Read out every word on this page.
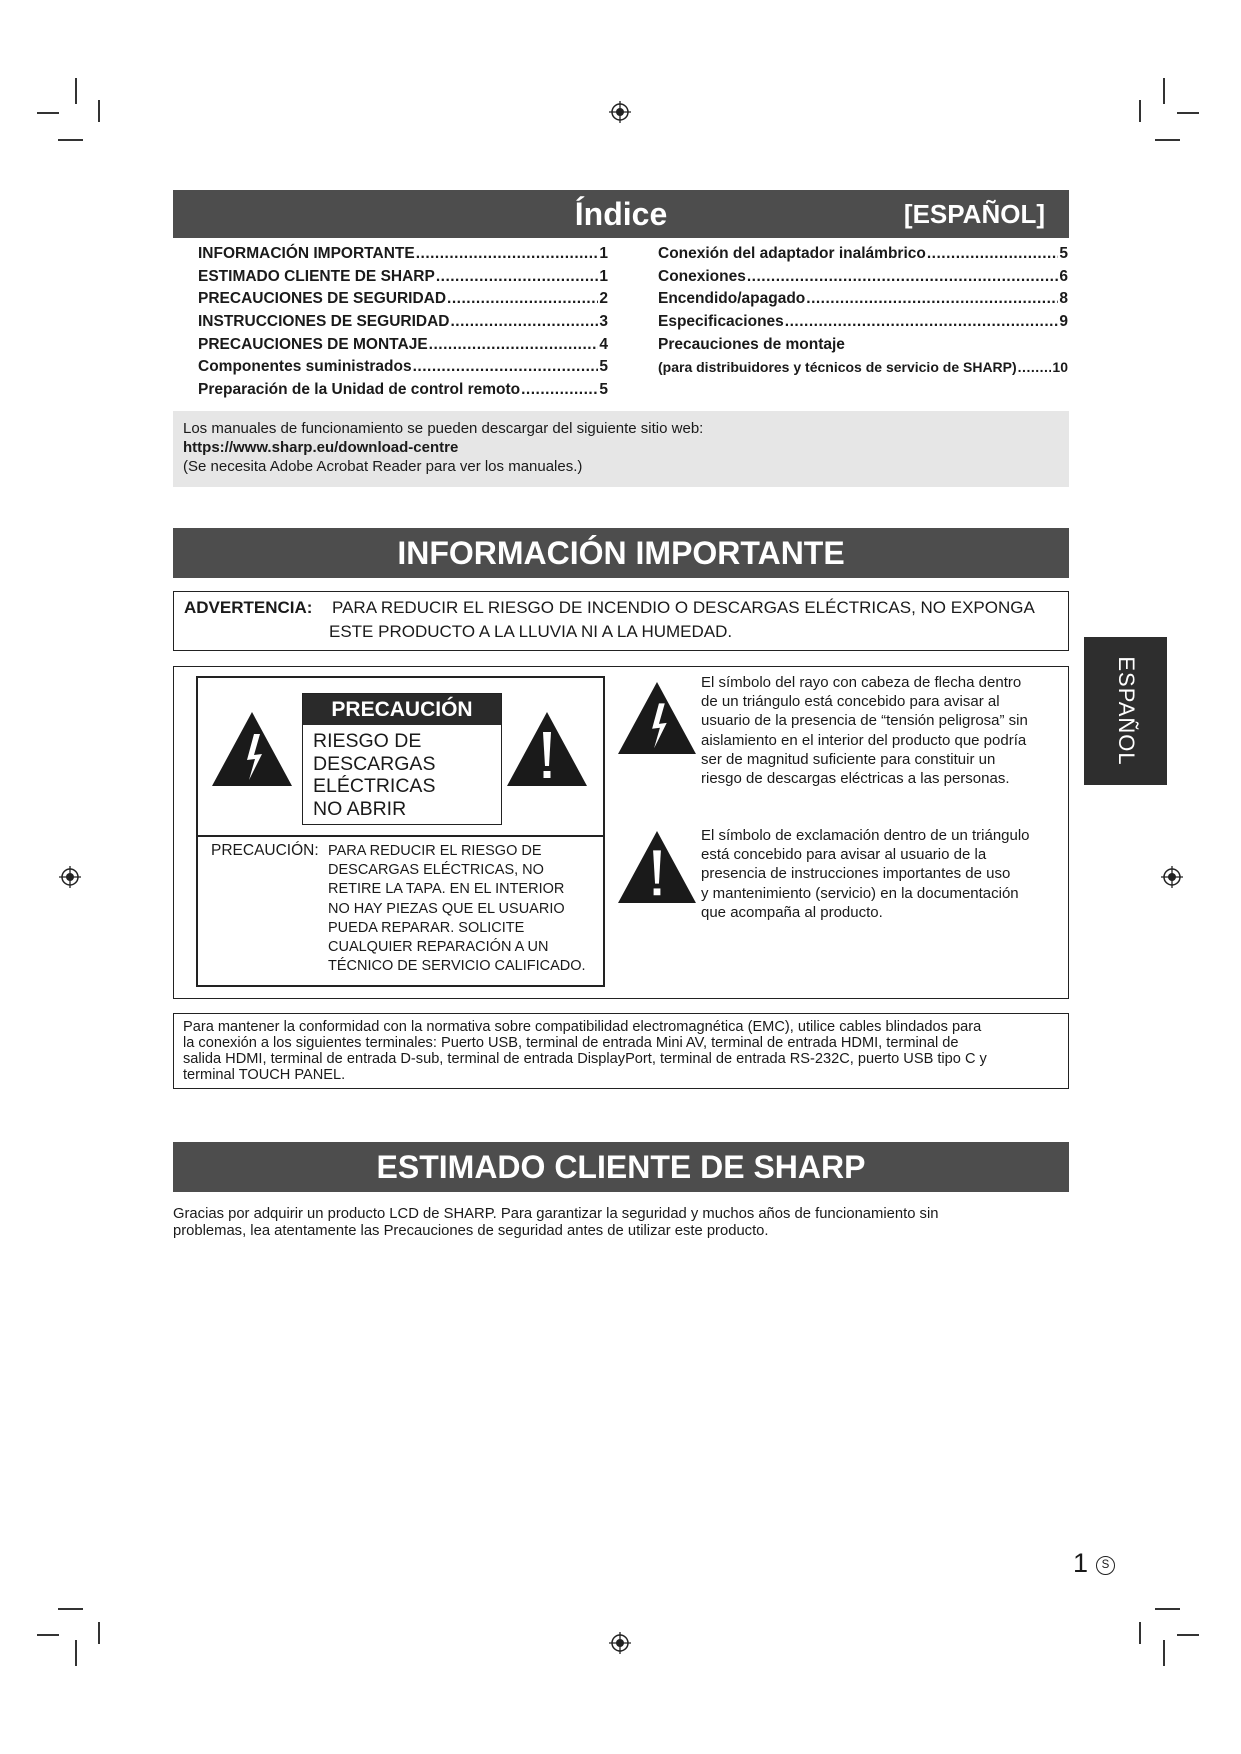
Índice	[ESPAÑOL]
INFORMACIÓN IMPORTANTE .....	1
ESTIMADO CLIENTE DE SHARP .....	1
PRECAUCIONES DE SEGURIDAD .....	2
INSTRUCCIONES DE SEGURIDAD .....	3
PRECAUCIONES DE MONTAJE .....	4
Componentes suministrados .....	5
Preparación de la Unidad de control remoto .....	5
Conexión del adaptador inalámbrico .....	5
Conexiones .....	6
Encendido/apagado .....	8
Especificaciones .....	9
Precauciones de montaje
(para distribuidores y técnicos de servicio de SHARP) .....	10
Los manuales de funcionamiento se pueden descargar del siguiente sitio web:
https://www.sharp.eu/download-centre
(Se necesita Adobe Acrobat Reader para ver los manuales.)
INFORMACIÓN IMPORTANTE
ADVERTENCIA: PARA REDUCIR EL RIESGO DE INCENDIO O DESCARGAS ELÉCTRICAS, NO EXPONGA
ESTE PRODUCTO A LA LLUVIA NI A LA HUMEDAD.
PRECAUCIÓN
RIESGO DE
DESCARGAS
ELÉCTRICAS
NO ABRIR
PRECAUCIÓN: PARA REDUCIR EL RIESGO DE
DESCARGAS ELÉCTRICAS, NO
RETIRE LA TAPA. EN EL INTERIOR
NO HAY PIEZAS QUE EL USUARIO
PUEDA REPARAR. SOLICITE
CUALQUIER REPARACIÓN A UN
TÉCNICO DE SERVICIO CALIFICADO.
El símbolo del rayo con cabeza de flecha dentro
de un triángulo está concebido para avisar al
usuario de la presencia de “tensión peligrosa” sin
aislamiento en el interior del producto que podría
ser de magnitud suficiente para constituir un
riesgo de descargas eléctricas a las personas.
El símbolo de exclamación dentro de un triángulo
está concebido para avisar al usuario de la
presencia de instrucciones importantes de uso
y mantenimiento (servicio) en la documentación
que acompaña al producto.
Para mantener la conformidad con la normativa sobre compatibilidad electromagnética (EMC), utilice cables blindados para
la conexión a los siguientes terminales: Puerto USB, terminal de entrada Mini AV, terminal de entrada HDMI, terminal de
salida HDMI, terminal de entrada D-sub, terminal de entrada DisplayPort, terminal de entrada RS-232C, puerto USB tipo C y
terminal TOUCH PANEL.
ESTIMADO CLIENTE DE SHARP
Gracias por adquirir un producto LCD de SHARP. Para garantizar la seguridad y muchos años de funcionamiento sin
problemas, lea atentamente las Precauciones de seguridad antes de utilizar este producto.
ESPAÑOL
1	S
